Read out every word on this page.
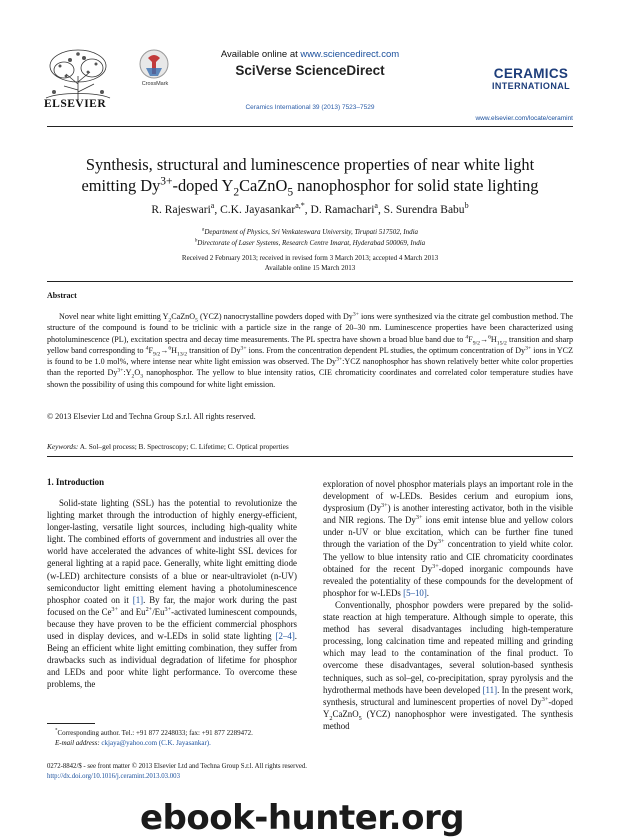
ELSEVIER
CrossMark
Available online at www.sciencedirect.com
SciVerse ScienceDirect
Ceramics International 39 (2013) 7523–7529
CERAMICS
INTERNATIONAL
www.elsevier.com/locate/ceramint
Synthesis, structural and luminescence properties of near white light
emitting $Dy^{3+}$-doped $Y_2CaZnO_5$ nanophosphor for solid state lighting
R. Rajeswari$^a$, C.K. Jayasankar$^{a,*}$, D. Ramachari$^a$, S. Surendra Babu$^b$
$^a$Department of Physics, Sri Venkateswara University, Tirupati 517502, India
$^b$Directorate of Laser Systems, Research Centre Imarat, Hyderabad 500069, India
Received 2 February 2013; received in revised form 3 March 2013; accepted 4 March 2013
Available online 15 March 2013
Abstract
Novel near white light emitting $Y_2CaZnO_5$ (YCZ) nanocrystalline powders doped with $Dy^{3+}$ ions were synthesized via the citrate gel combustion method. The structure of the compound is found to be triclinic with a particle size in the range of 20–30 nm. Luminescence properties have been characterized using photoluminescence (PL), excitation spectra and decay time measurements. The PL spectra have shown a broad blue band due to $^4F_{9/2}\to^6H_{15/2}$ transition and sharp yellow band corresponding to $^4F_{9/2}\to^6H_{13/2}$ transition of $Dy^{3+}$ ions. From the concentration dependent PL studies, the optimum concentration of $Dy^{3+}$ ions in YCZ is found to be 1.0 mol%, where intense near white light emission was observed. The $Dy^{3+}:YCZ$ nanophosphor has shown relatively better white color properties than the reported $Dy^{3+}:Y_2O_3$ nanophosphor. The yellow to blue intensity ratios, CIE chromaticity coordinates and correlated color temperature studies have shown the possibility of using this compound for white light emission.
© 2013 Elsevier Ltd and Techna Group S.r.l. All rights reserved.
Keywords: A. Sol–gel process; B. Spectroscopy; C. Lifetime; C. Optical properties
1. Introduction

Solid-state lighting (SSL) has the potential to revolutionize the lighting market through the introduction of highly energy-efficient, longer-lasting, versatile light sources, including high-quality white light. The combined efforts of government and industries all over the world have accelerated the advances of white-light SSL devices for general lighting at a rapid pace. Generally, white light emitting diode (w-LED) architecture consists of a blue or near-ultraviolet (n-UV) semiconductor light emitting element having a photoluminescence phosphor coated on it [1]. By far, the major work during the past focused on the $Ce^{3+}$ and $Eu^{2+}/Eu^{3+}$-activated luminescent compounds, because they have proven to be the efficient commercial phosphors used in display devices, and w-LEDs in solid state lighting [2–4]. Being an efficient white light emitting combination, they suffer from drawbacks such as individual degradation of lifetime for phosphor and LEDs and poor white light performance. To overcome these problems, the

exploration of novel phosphor materials plays an important role in the development of w-LEDs. Besides cerium and europium ions, dysprosium $(Dy^{3+})$ is another interesting activator, both in the visible and NIR regions. The $Dy^{3+}$ ions emit intense blue and yellow colors under n-UV or blue excitation, which can be further fine tuned through the variation of the $Dy^{3+}$ concentration to yield white color. The yellow to blue intensity ratio and CIE chromaticity coordinates obtained for the recent $Dy^{3+}$-doped inorganic compounds have revealed the potentiality of these compounds for the development of phosphor for w-LEDs [5–10].

Conventionally, phosphor powders were prepared by the solid-state reaction at high temperature. Although simple to operate, this method has several disadvantages including high-temperature processing, long calcination time and repeated milling and grinding which may lead to the contamination of the final product. To overcome these disadvantages, several solution-based synthesis techniques, such as sol–gel, co-precipitation, spray pyrolysis and the hydrothermal methods have been developed [11]. In the present work, synthesis, structural and luminescent properties of novel $Dy^{3+}$-doped $Y_2CaZnO_5$ (YCZ) nanophosphor were investigated. The synthesis method

*Corresponding author. Tel.: +91 877 2248033; fax: +91 877 2289472.
E-mail address: ckjaya@yahoo.com (C.K. Jayasankar).
0272-8842/$ - see front matter © 2013 Elsevier Ltd and Techna Group S.r.l. All rights reserved.
http://dx.doi.org/10.1016/j.ceramint.2013.03.003
ebook-hunter.org
